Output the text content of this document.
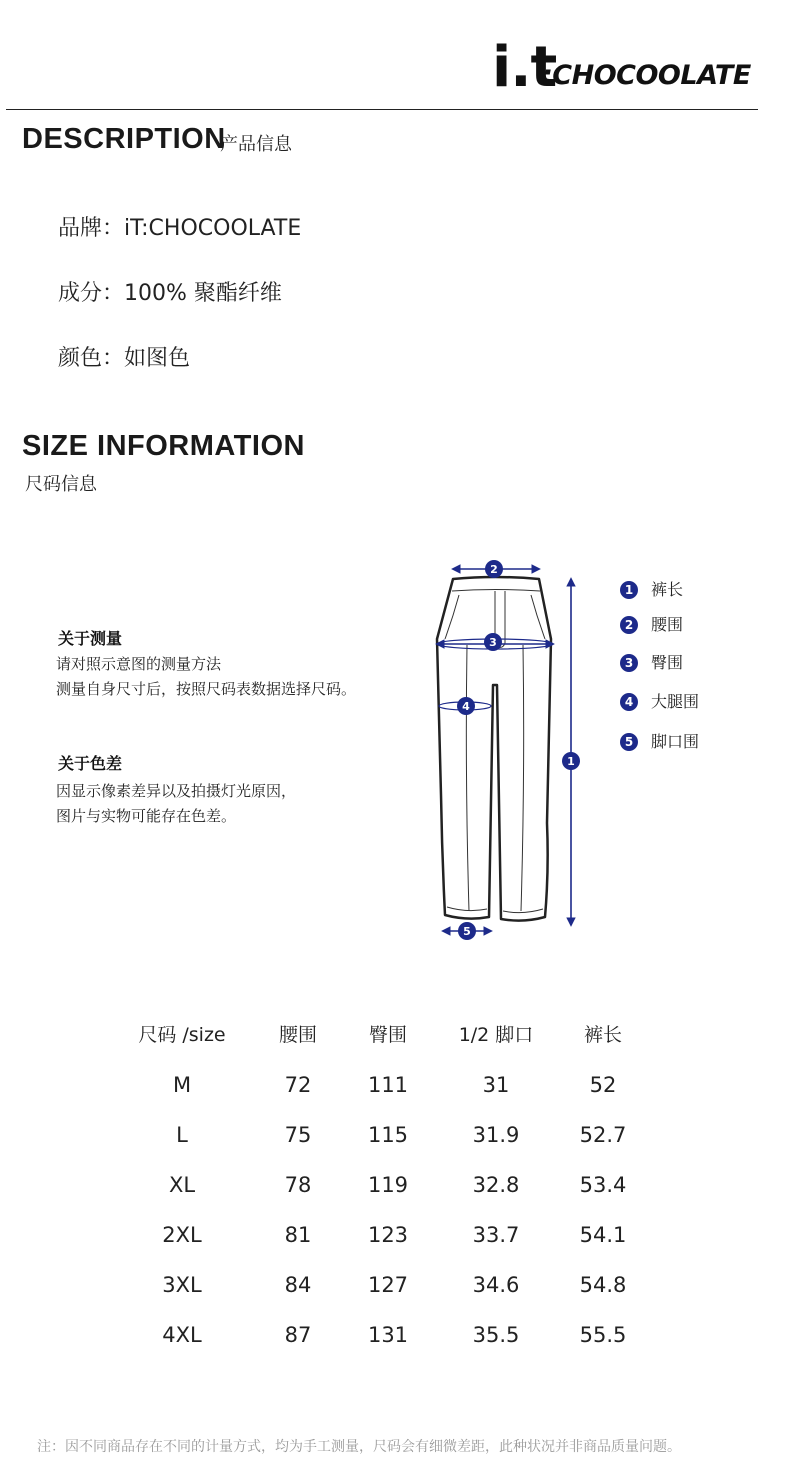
i.t
:CHOCOOLATE
DESCRIPTION
产品信息
品牌：iT:CHOCOOLATE
成分：100% 聚酯纤维
颜色：如图色
SIZE INFORMATION
尺码信息
关于测量
请对照示意图的测量方法
测量自身尺寸后，按照尺码表数据选择尺码。
关于色差
因显示像素差异以及拍摄灯光原因，
图片与实物可能存在色差。
1
2
3
4
5
1	裤长
2	腰围
3	臀围
4	大腿围
5	脚口围
尺码 /size	腰围	臀围	1/2 脚口	裤长
M	72	111	31	52
L	75	115	31.9	52.7
XL	78	119	32.8	53.4
2XL	81	123	33.7	54.1
3XL	84	127	34.6	54.8
4XL	87	131	35.5	55.5
注：因不同商品存在不同的计量方式，均为手工测量，尺码会有细微差距，此种状况并非商品质量问题。
